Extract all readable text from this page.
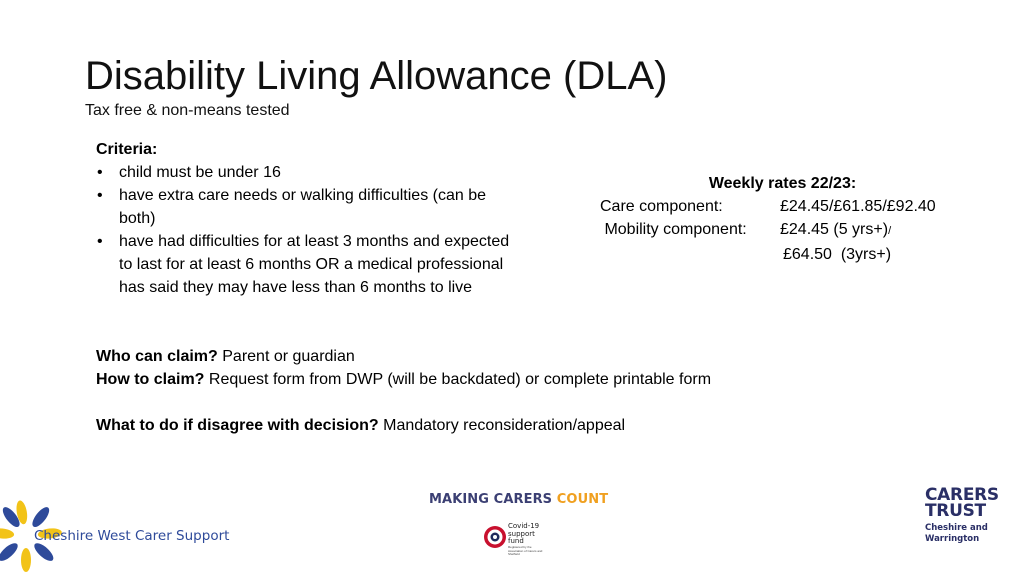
Disability Living Allowance (DLA)
Tax free & non-means tested
Criteria:
• child must be under 16
• have extra care needs or walking difficulties (can be both)
• have had difficulties for at least 3 months and expected to last for at least 6 months OR a medical professional has said they may have less than 6 months to live
Weekly rates 22/23:
Care component:	£24.45/£61.85/£92.40
Mobility component:	£24.45 (5 yrs+)/
£64.50  (3yrs+)
Who can claim? Parent or guardian
How to claim? Request form from DWP (will be backdated) or complete printable form
What to do if disagree with decision? Mandatory reconsideration/appeal
Cheshire West Carer Support
MAKING CARERS COUNT
Covid-19
support
fund
Registered by the Association of Carers and Sheffield
CARERS
TRUST
Cheshire and
Warrington
